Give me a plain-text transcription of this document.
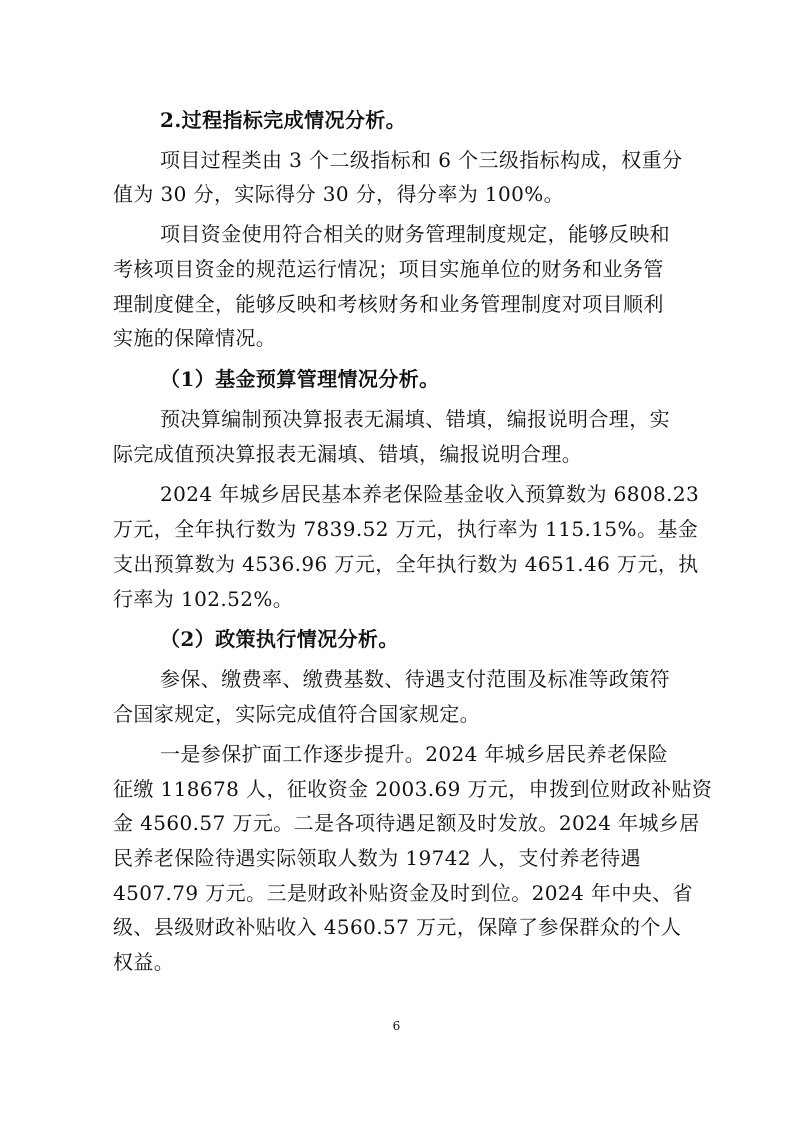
2.过程指标完成情况分析。
项目过程类由 3 个二级指标和 6 个三级指标构成，权重分
值为 30 分，实际得分 30 分，得分率为 100%。
项目资金使用符合相关的财务管理制度规定，能够反映和
考核项目资金的规范运行情况；项目实施单位的财务和业务管
理制度健全，能够反映和考核财务和业务管理制度对项目顺利
实施的保障情况。
（1）基金预算管理情况分析。
预决算编制预决算报表无漏填、错填，编报说明合理，实
际完成值预决算报表无漏填、错填，编报说明合理。
2024 年城乡居民基本养老保险基金收入预算数为 6808.23
万元，全年执行数为 7839.52 万元，执行率为 115.15%。基金
支出预算数为 4536.96 万元，全年执行数为 4651.46 万元，执
行率为 102.52%。
（2）政策执行情况分析。
参保、缴费率、缴费基数、待遇支付范围及标准等政策符
合国家规定，实际完成值符合国家规定。
一是参保扩面工作逐步提升。2024 年城乡居民养老保险
征缴 118678 人，征收资金 2003.69 万元，申拨到位财政补贴资
金 4560.57 万元。二是各项待遇足额及时发放。2024 年城乡居
民养老保险待遇实际领取人数为 19742 人，支付养老待遇
4507.79 万元。三是财政补贴资金及时到位。2024 年中央、省
级、县级财政补贴收入 4560.57 万元，保障了参保群众的个人
权益。
6
